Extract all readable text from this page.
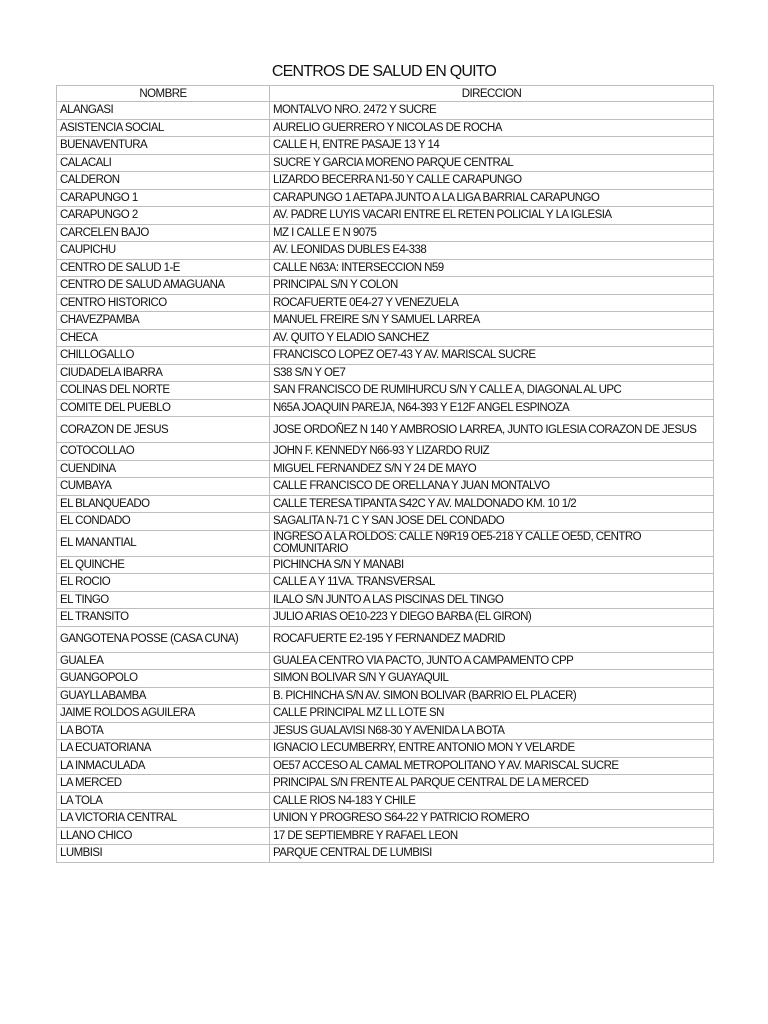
CENTROS DE SALUD EN QUITO
NOMBRE	DIRECCION
ALANGASI	MONTALVO NRO. 2472 Y SUCRE
ASISTENCIA SOCIAL	AURELIO GUERRERO Y NICOLAS DE ROCHA
BUENAVENTURA	CALLE H, ENTRE PASAJE 13 Y 14
CALACALI	SUCRE Y GARCIA MORENO PARQUE CENTRAL
CALDERON	LIZARDO BECERRA N1-50 Y CALLE CARAPUNGO
CARAPUNGO 1	CARAPUNGO 1 AETAPA JUNTO A LA LIGA BARRIAL CARAPUNGO
CARAPUNGO 2	AV. PADRE LUYIS VACARI ENTRE EL RETEN POLICIAL Y LA IGLESIA
CARCELEN BAJO	MZ I CALLE E N 9075
CAUPICHU	AV. LEONIDAS DUBLES E4-338
CENTRO DE SALUD 1-E	CALLE N63A: INTERSECCION N59
CENTRO DE SALUD AMAGUANA	PRINCIPAL S/N Y COLON
CENTRO HISTORICO	ROCAFUERTE 0E4-27 Y VENEZUELA
CHAVEZPAMBA	MANUEL FREIRE S/N Y SAMUEL LARREA
CHECA	AV. QUITO Y ELADIO SANCHEZ
CHILLOGALLO	FRANCISCO LOPEZ OE7-43 Y AV. MARISCAL SUCRE
CIUDADELA IBARRA	S38 S/N Y OE7
COLINAS DEL NORTE	SAN FRANCISCO DE RUMIHURCU S/N Y CALLE A, DIAGONAL AL UPC
COMITE DEL PUEBLO	N65A JOAQUIN PAREJA, N64-393 Y E12F ANGEL ESPINOZA
CORAZON DE JESUS	JOSE ORDOÑEZ N 140 Y AMBROSIO LARREA, JUNTO IGLESIA CORAZON DE JESUS
COTOCOLLAO	JOHN F. KENNEDY N66-93 Y LIZARDO RUIZ
CUENDINA	MIGUEL FERNANDEZ S/N Y 24 DE MAYO
CUMBAYA	CALLE FRANCISCO DE ORELLANA Y JUAN MONTALVO
EL BLANQUEADO	CALLE TERESA TIPANTA S42C Y AV. MALDONADO KM. 10 1/2
EL CONDADO	SAGALITA N-71 C Y SAN JOSE DEL CONDADO
EL MANANTIAL	INGRESO A LA ROLDOS: CALLE N9R19 OE5-218 Y CALLE OE5D, CENTRO COMUNITARIO
EL QUINCHE	PICHINCHA S/N Y MANABI
EL ROCIO	CALLE A Y 11VA. TRANSVERSAL
EL TINGO	ILALO S/N JUNTO A LAS PISCINAS DEL TINGO
EL TRANSITO	JULIO ARIAS OE10-223 Y DIEGO BARBA (EL GIRON)
GANGOTENA POSSE (CASA CUNA)	ROCAFUERTE E2-195 Y FERNANDEZ MADRID
GUALEA	GUALEA CENTRO VIA PACTO, JUNTO A CAMPAMENTO CPP
GUANGOPOLO	SIMON BOLIVAR S/N Y GUAYAQUIL
GUAYLLABAMBA	B. PICHINCHA S/N AV. SIMON BOLIVAR (BARRIO EL PLACER)
JAIME ROLDOS AGUILERA	CALLE PRINCIPAL MZ LL LOTE SN
LA BOTA	JESUS GUALAVISI N68-30 Y AVENIDA LA BOTA
LA ECUATORIANA	IGNACIO LECUMBERRY, ENTRE ANTONIO MON Y VELARDE
LA INMACULADA	OE57 ACCESO AL CAMAL METROPOLITANO Y AV. MARISCAL SUCRE
LA MERCED	PRINCIPAL S/N FRENTE AL PARQUE CENTRAL DE LA MERCED
LA TOLA	CALLE RIOS N4-183 Y CHILE
LA VICTORIA CENTRAL	UNION Y PROGRESO S64-22 Y PATRICIO ROMERO
LLANO CHICO	17 DE SEPTIEMBRE Y RAFAEL LEON
LUMBISI	PARQUE CENTRAL DE LUMBISI
